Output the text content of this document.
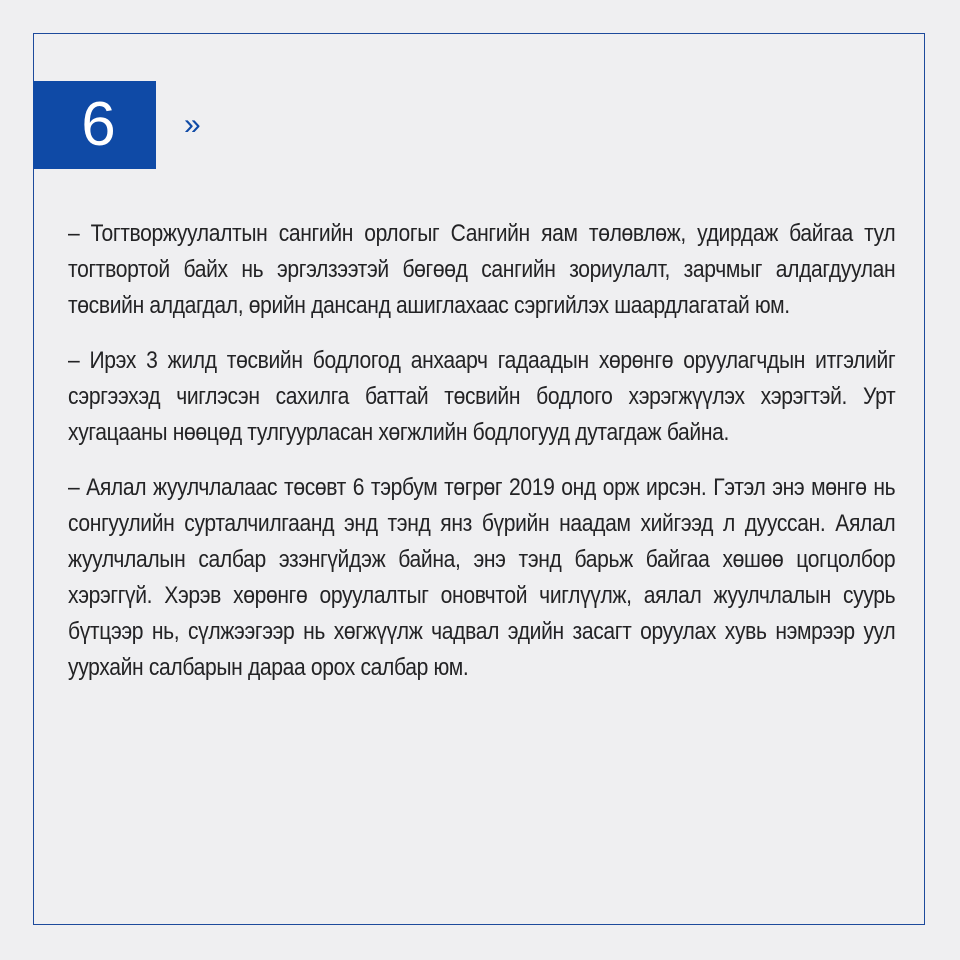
6	»

– Тогтворжуулалтын сангийн орлогыг Сангийн яам төлөвлөж, удирдаж байгаа тул тогтвортой байх нь эргэлзээтэй бөгөөд сангийн зориулалт, зарчмыг алдагдуулан төсвийн алдагдал, өрийн дансанд ашиглахаас сэргийлэх шаардлагатай юм.

– Ирэх 3 жилд төсвийн бодлогод анхаарч гадаадын хөрөнгө оруулагчдын итгэлийг сэргээхэд чиглэсэн сахилга баттай төсвийн бодлого хэрэгжүүлэх хэрэгтэй. Урт хугацааны нөөцөд тулгуурласан хөгжлийн бодлогууд дутагдаж байна.

– Аялал жуулчлалаас төсөвт 6 тэрбум төгрөг 2019 онд орж ирсэн. Гэтэл энэ мөнгө нь сонгуулийн сурталчилгаанд энд тэнд янз бүрийн наадам хийгээд л дууссан. Аялал жуулчлалын салбар эзэнгүйдэж байна, энэ тэнд барьж байгаа хөшөө цогцолбор хэрэггүй. Хэрэв хөрөнгө оруулалтыг оновчтой чиглүүлж, аялал жуулчлалын суурь бүтцээр нь, сүлжээгээр нь хөгжүүлж чадвал эдийн засагт оруулах хувь нэмрээр уул уурхайн салбарын дараа орох салбар юм.
